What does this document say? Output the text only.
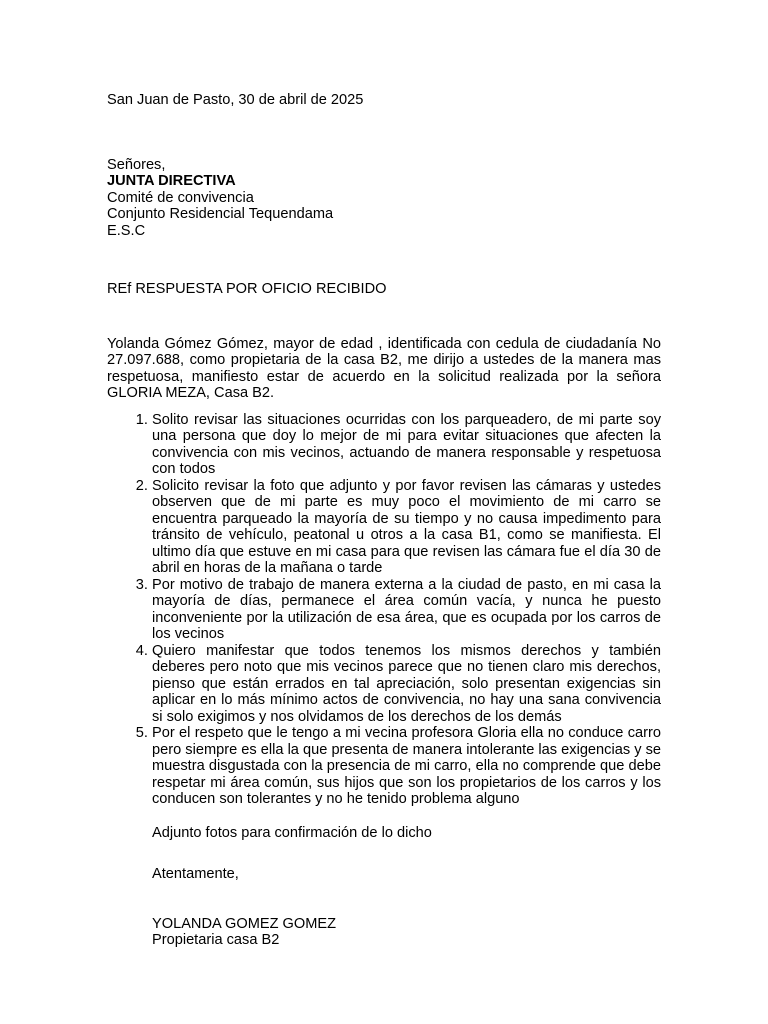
San Juan de Pasto, 30 de abril de 2025

Señores,
JUNTA DIRECTIVA
Comité de convivencia
Conjunto Residencial Tequendama
E.S.C
REf RESPUESTA POR OFICIO RECIBIDO
Yolanda Gómez Gómez, mayor de edad , identificada con cedula de ciudadanía No 27.097.688, como propietaria de la casa B2, me dirijo a ustedes de la manera mas respetuosa, manifiesto estar de acuerdo en la solicitud realizada por la señora GLORIA MEZA, Casa B2.
1. Solito revisar las situaciones ocurridas con los parqueadero, de mi parte soy una persona que doy lo mejor de mi para evitar situaciones que afecten la convivencia con mis vecinos, actuando de manera responsable y respetuosa con todos
2. Solicito revisar la foto que adjunto y por favor revisen las cámaras y ustedes observen que de mi parte es muy poco el movimiento de mi carro se encuentra parqueado la mayoría de su tiempo y no causa impedimento para tránsito de vehículo, peatonal u otros a la casa B1, como se manifiesta. El ultimo día que estuve en mi casa para que revisen las cámara fue el día 30 de abril en horas de la mañana o tarde
3. Por motivo de trabajo de manera externa a la ciudad de pasto, en mi casa la mayoría de días, permanece el área común vacía, y nunca he puesto inconveniente por la utilización de esa área, que es ocupada por los carros de los vecinos
4. Quiero manifestar que todos tenemos los mismos derechos y también deberes pero noto que mis vecinos parece que no tienen claro mis derechos, pienso que están errados en tal apreciación, solo presentan exigencias sin aplicar en lo más mínimo actos de convivencia, no hay una sana convivencia si solo exigimos y nos olvidamos de los derechos de los demás
5. Por el respeto que le tengo a mi vecina profesora Gloria ella no conduce carro pero siempre es ella la que presenta de manera intolerante las exigencias y se muestra disgustada con la presencia de mi carro, ella no comprende que debe respetar mi área común, sus hijos que son los propietarios de los carros y los conducen son tolerantes y no he tenido problema alguno
Adjunto fotos para confirmación de lo dicho
Atentamente,
YOLANDA GOMEZ GOMEZ
Propietaria casa B2
